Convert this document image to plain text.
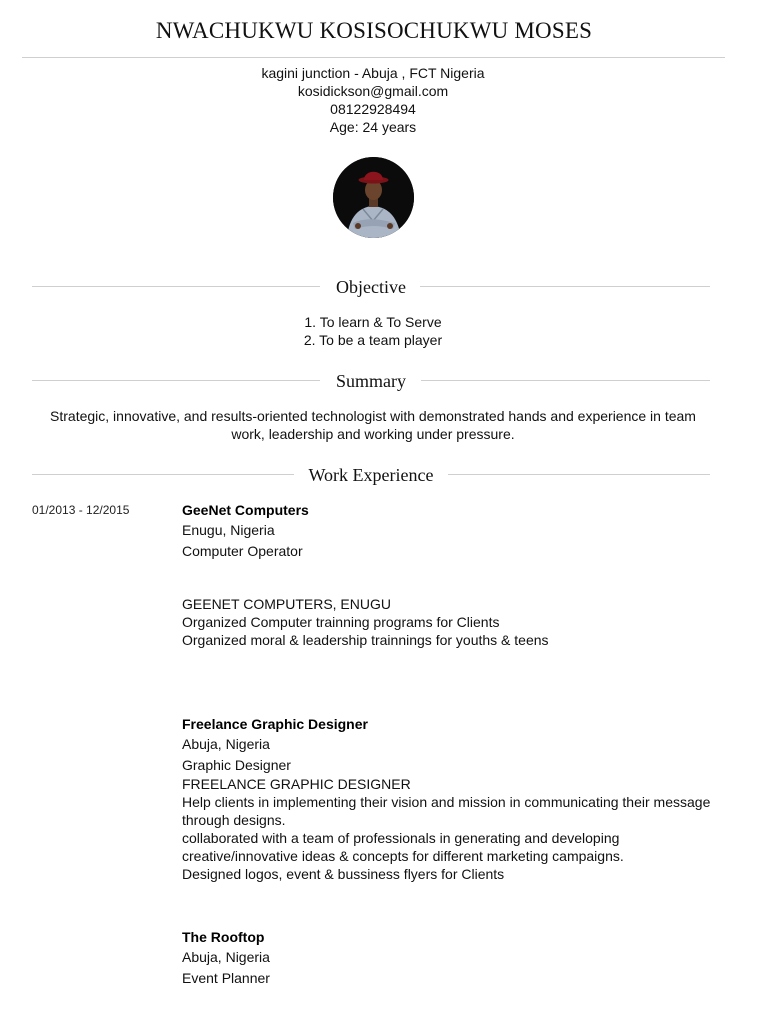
NWACHUKWU KOSISOCHUKWU MOSES
kagini junction - Abuja , FCT Nigeria
kosidickson@gmail.com
08122928494
Age: 24 years
Objective
1. To learn & To Serve
2. To be a team player
Summary
Strategic, innovative, and results-oriented technologist with demonstrated hands and experience in team work, leadership and working under pressure.
Work Experience
01/2013 - 12/2015	GeeNet Computers
Enugu, Nigeria
Computer Operator
GEENET COMPUTERS, ENUGU
Organized Computer trainning programs for Clients
Organized moral & leadership trainnings for youths & teens
Freelance Graphic Designer
Abuja, Nigeria
Graphic Designer
FREELANCE GRAPHIC DESIGNER
Help clients in implementing their vision and mission in communicating their message through designs.
collaborated with a team of professionals in generating and developing creative/innovative ideas & concepts for different marketing campaigns.
Designed logos, event & bussiness flyers for Clients
The Rooftop
Abuja, Nigeria
Event Planner
